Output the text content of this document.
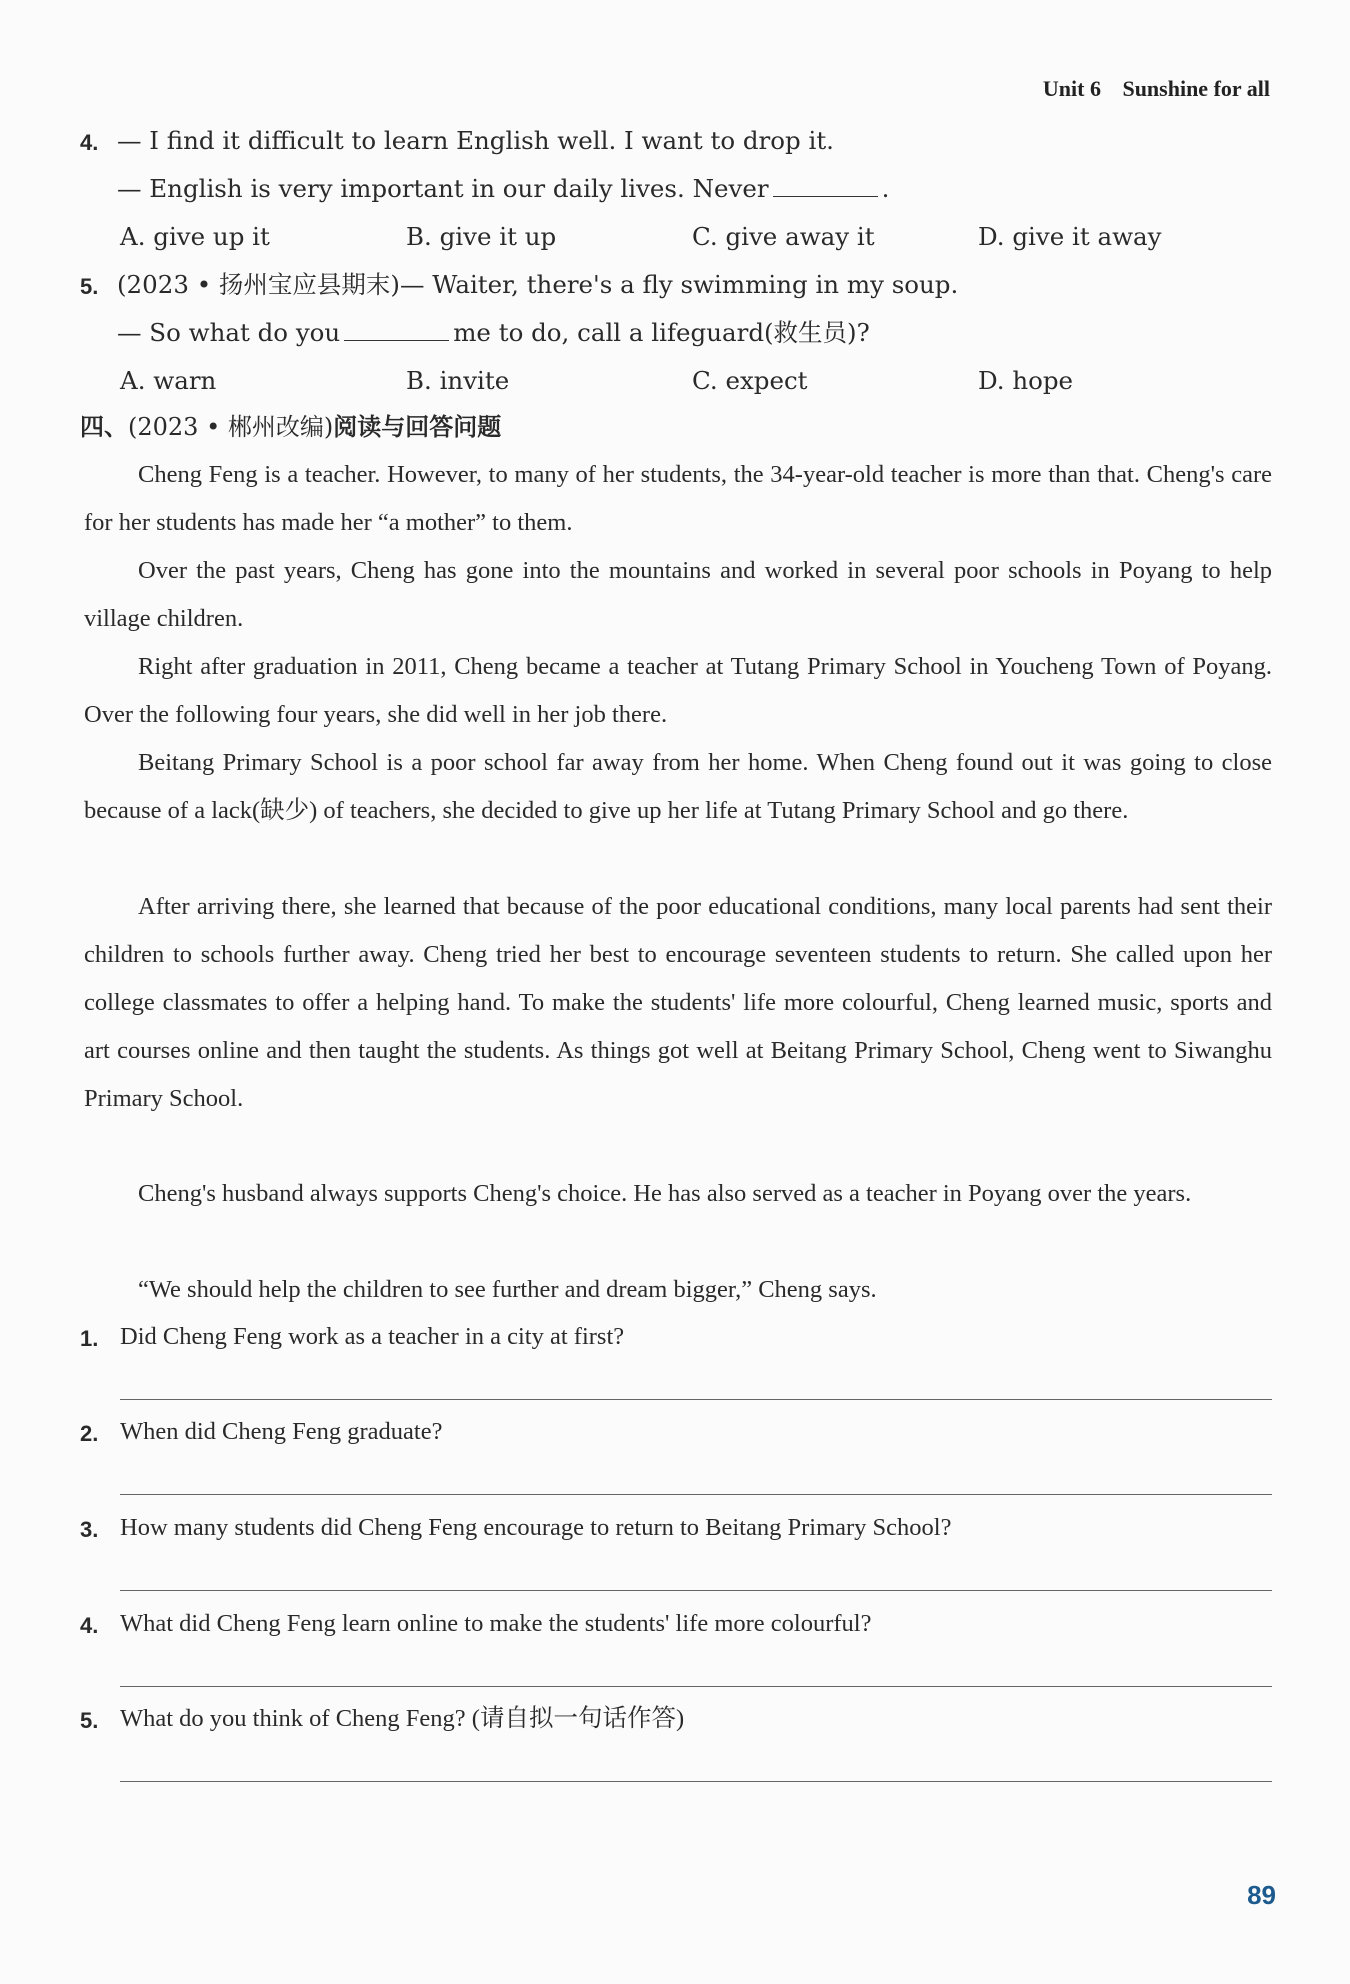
Unit 6 Sunshine for all
4. — I find it difficult to learn English well. I want to drop it.
— English is very important in our daily lives. Never	.
A. give up it	B. give it up	C. give away it	D. give it away
5. (2023 • 扬州宝应县期末)— Waiter, there's a fly swimming in my soup.
— So what do you	me to do, call a lifeguard(救生员)?
A. warn	B. invite	C. expect	D. hope
四、(2023 • 郴州改编)阅读与回答问题
Cheng Feng is a teacher. However, to many of her students, the 34-year-old teacher is more than that. Cheng's care for her students has made her “a mother” to them.
Over the past years, Cheng has gone into the mountains and worked in several poor schools in Poyang to help village children.
Right after graduation in 2011, Cheng became a teacher at Tutang Primary School in Youcheng Town of Poyang. Over the following four years, she did well in her job there.
Beitang Primary School is a poor school far away from her home. When Cheng found out it was going to close because of a lack(缺少) of teachers, she decided to give up her life at Tutang Primary School and go there.
After arriving there, she learned that because of the poor educational conditions, many local parents had sent their children to schools further away. Cheng tried her best to encourage seventeen students to return. She called upon her college classmates to offer a helping hand. To make the students' life more colourful, Cheng learned music, sports and art courses online and then taught the students. As things got well at Beitang Primary School, Cheng went to Siwanghu Primary School.
Cheng's husband always supports Cheng's choice. He has also served as a teacher in Poyang over the years.
“We should help the children to see further and dream bigger,” Cheng says.
1. Did Cheng Feng work as a teacher in a city at first?
2. When did Cheng Feng graduate?
3. How many students did Cheng Feng encourage to return to Beitang Primary School?
4. What did Cheng Feng learn online to make the students' life more colourful?
5. What do you think of Cheng Feng? (请自拟一句话作答)
89
